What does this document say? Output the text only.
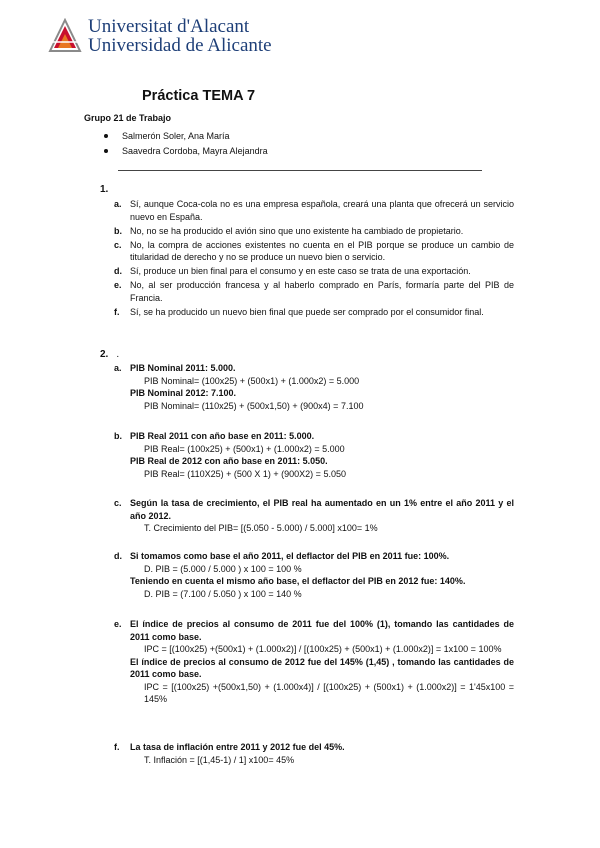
Universitat d'Alacant
Universidad de Alicante
Práctica TEMA 7
Grupo 21 de Trabajo
Salmerón Soler, Ana María
Saavedra Cordoba, Mayra Alejandra
1.
a. Sí, aunque Coca-cola no es una empresa española, creará una planta que ofrecerá un servicio nuevo en España.
b. No, no se ha producido el avión sino que uno existente ha cambiado de propietario.
c. No, la compra de acciones existentes no cuenta en el PIB porque se produce un cambio de titularidad de derecho y no se produce un nuevo bien o servicio.
d. Sí, produce un bien final para el consumo y en este caso se trata de una exportación.
e. No, al ser producción francesa y al haberlo comprado en París, formaría parte del PIB de Francia.
f. Sí, se ha producido un nuevo bien final que puede ser comprado por el consumidor final.
2. .
a. PIB Nominal 2011: 5.000.
PIB Nominal= (100x25) + (500x1) + (1.000x2) = 5.000
PIB Nominal 2012: 7.100.
PIB Nominal= (110x25) + (500x1,50) + (900x4) = 7.100
b. PIB Real 2011 con año base en 2011: 5.000.
PIB Real= (100x25) + (500x1) + (1.000x2) = 5.000
PIB Real de 2012 con año base en 2011: 5.050.
PIB Real= (110X25) + (500 X 1) + (900X2) = 5.050
c. Según la tasa de crecimiento, el PIB real ha aumentado en un 1% entre el año 2011 y el año 2012.
T. Crecimiento del PIB= [(5.050 - 5.000) / 5.000] x100= 1%
d. Si tomamos como base el año 2011, el deflactor del PIB en 2011 fue: 100%.
D. PIB = (5.000 / 5.000 ) x 100 = 100 %
Teniendo en cuenta el mismo año base, el deflactor del PIB en 2012 fue: 140%.
D. PIB = (7.100 / 5.050 ) x 100 = 140 %
e. El índice de precios al consumo de 2011 fue del 100% (1), tomando las cantidades de 2011 como base.
IPC = [(100x25) +(500x1) + (1.000x2)] / [(100x25) + (500x1) + (1.000x2)] = 1x100 = 100%
El índice de precios al consumo de 2012 fue del 145% (1,45) , tomando las cantidades de 2011 como base.
IPC = [(100x25) +(500x1,50) + (1.000x4)] / [(100x25) + (500x1) + (1.000x2)] = 1'45x100 = 145%
f. La tasa de inflación entre 2011 y 2012 fue del 45%.
T. Inflación = [(1,45-1) / 1] x100= 45%
